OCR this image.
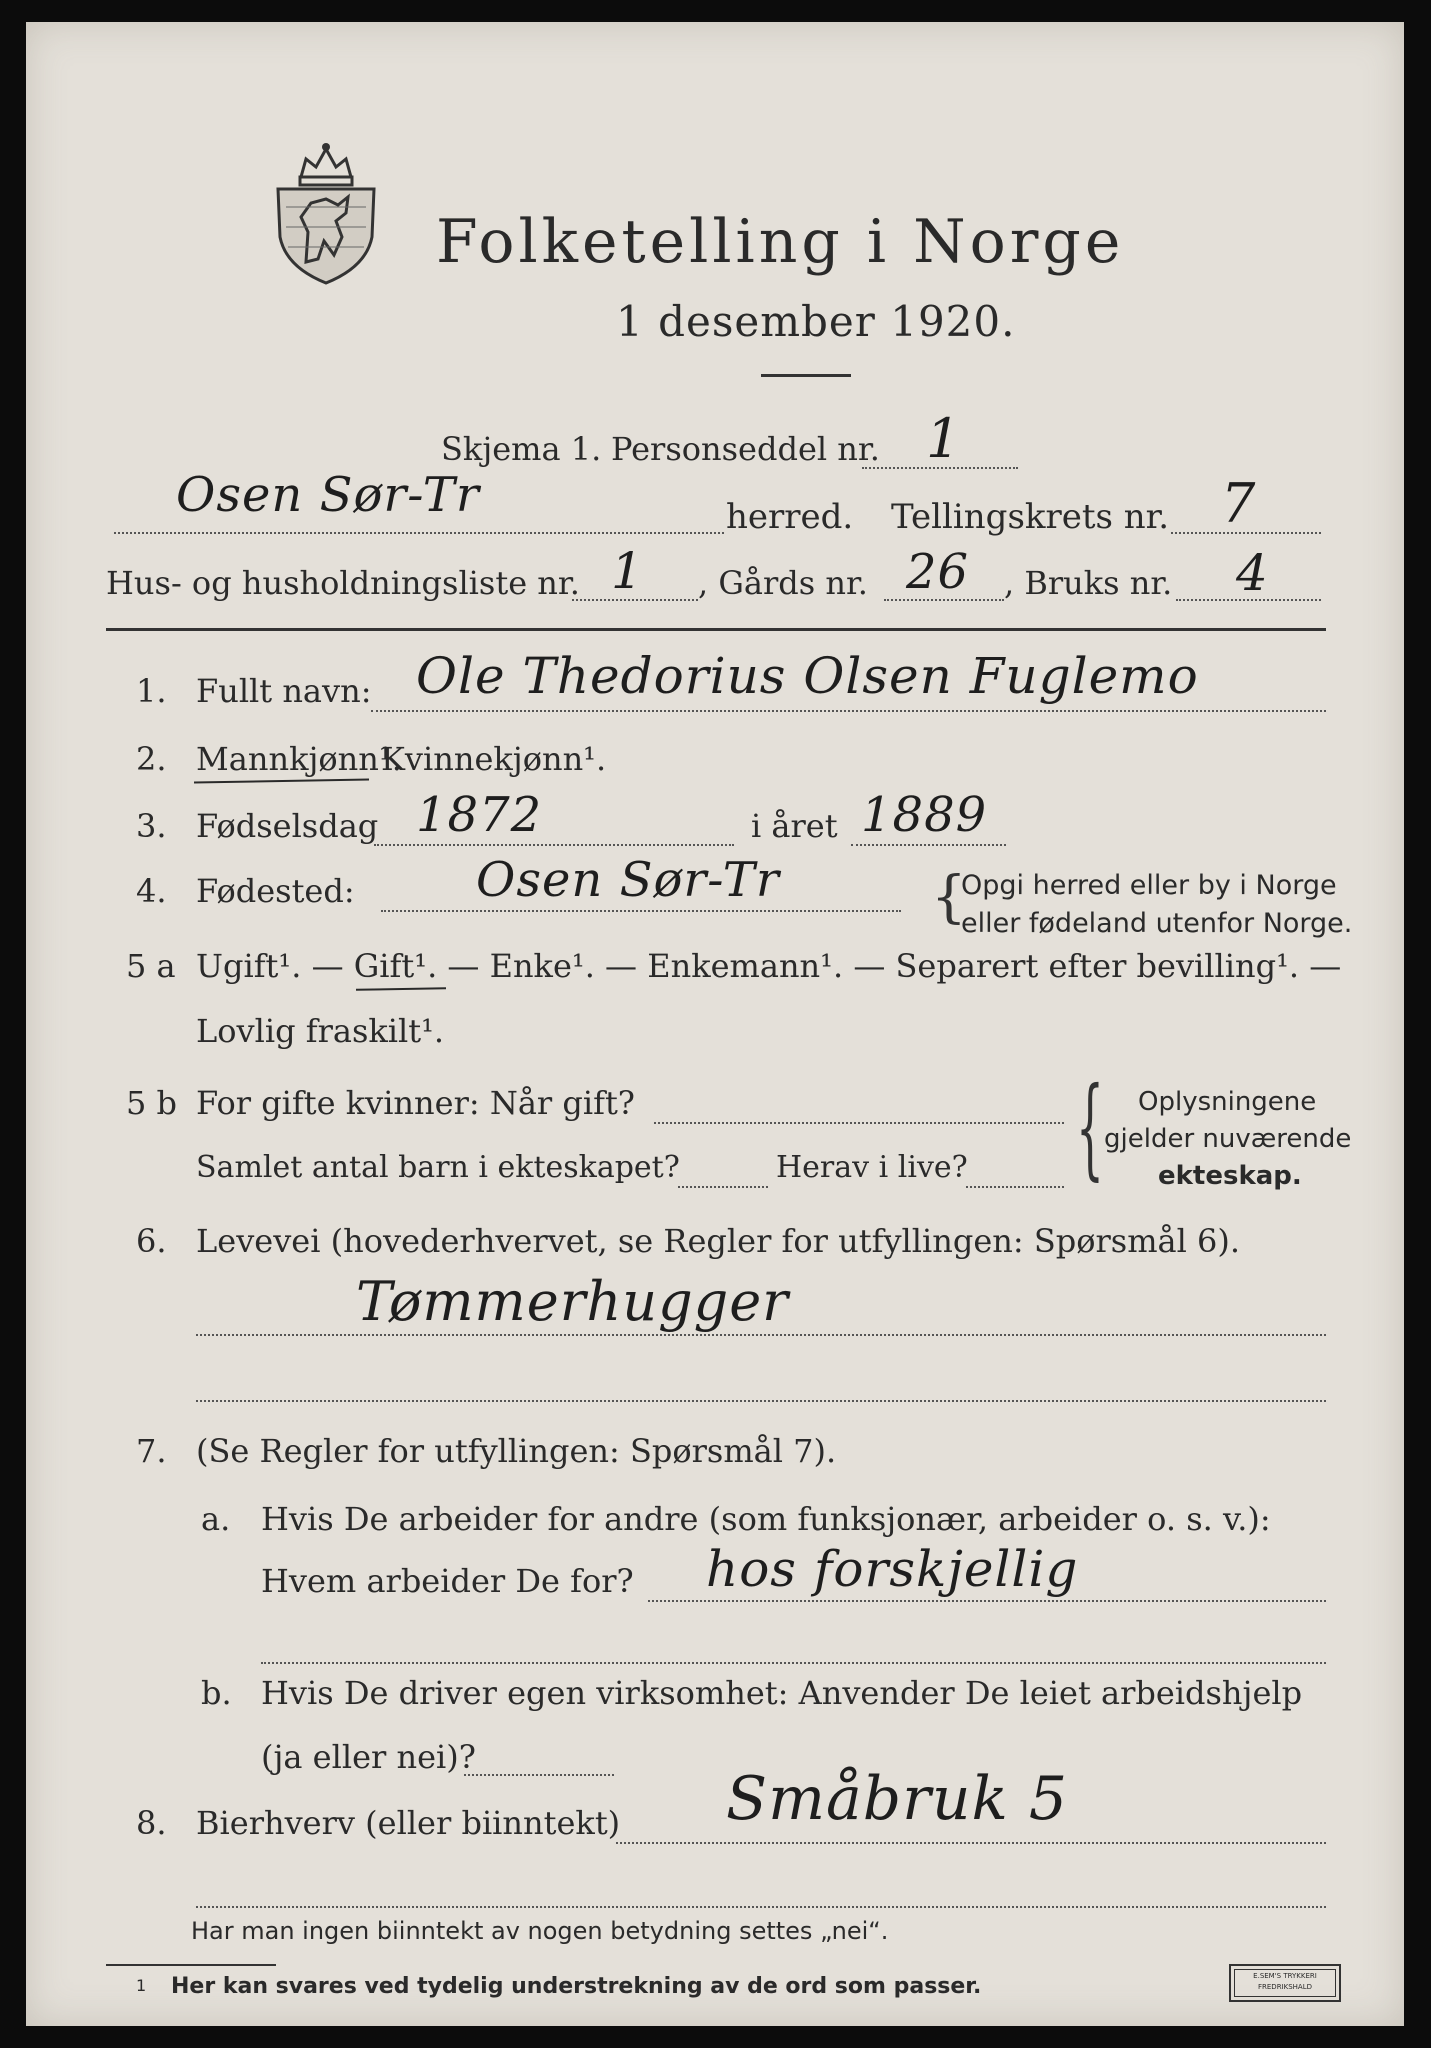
Folketelling i Norge
1 desember 1920.
Skjema 1. Personseddel nr. 1
Osen Sør-Tr	herred. Tellingskrets nr. 7
Hus- og husholdningsliste nr. 1 , Gårds nr. 26 , Bruks nr. 4
1. Fullt navn: Ole Thedorius Olsen Fuglemo
2. Mannkjønn¹.
Kvinnekjønn¹.
3. Fødselsdag 1872	i året 1889
4. Fødested:	Osen Sør-Tr	{
Opgi herred eller by i Norge
eller fødeland utenfor Norge.
5 a Ugift¹. — Gift¹. — Enke¹. — Enkemann¹. — Separert efter bevilling¹. —
Lovlig fraskilt¹.
5 b For gifte kvinner: Når gift?
Samlet antal barn i ekteskapet?	Herav i live? { Oplysningene
gjelder nuværende
ekteskap.
6. Levevei (hovederhvervet, se Regler for utfyllingen: Spørsmål 6).
Tømmerhugger
7. (Se Regler for utfyllingen: Spørsmål 7).
a. Hvis De arbeider for andre (som funksjonær, arbeider o. s. v.):
Hvem arbeider De for? hos forskjellig
b. Hvis De driver egen virksomhet: Anvender De leiet arbeidshjelp
(ja eller nei)?
8. Bierhverv (eller biinntekt) Småbruk 5
Har man ingen biinntekt av nogen betydning settes „nei“.
1 Her kan svares ved tydelig understrekning av de ord som passer.	E.SEM'S TRYKKERI
FREDRIKSHALD
